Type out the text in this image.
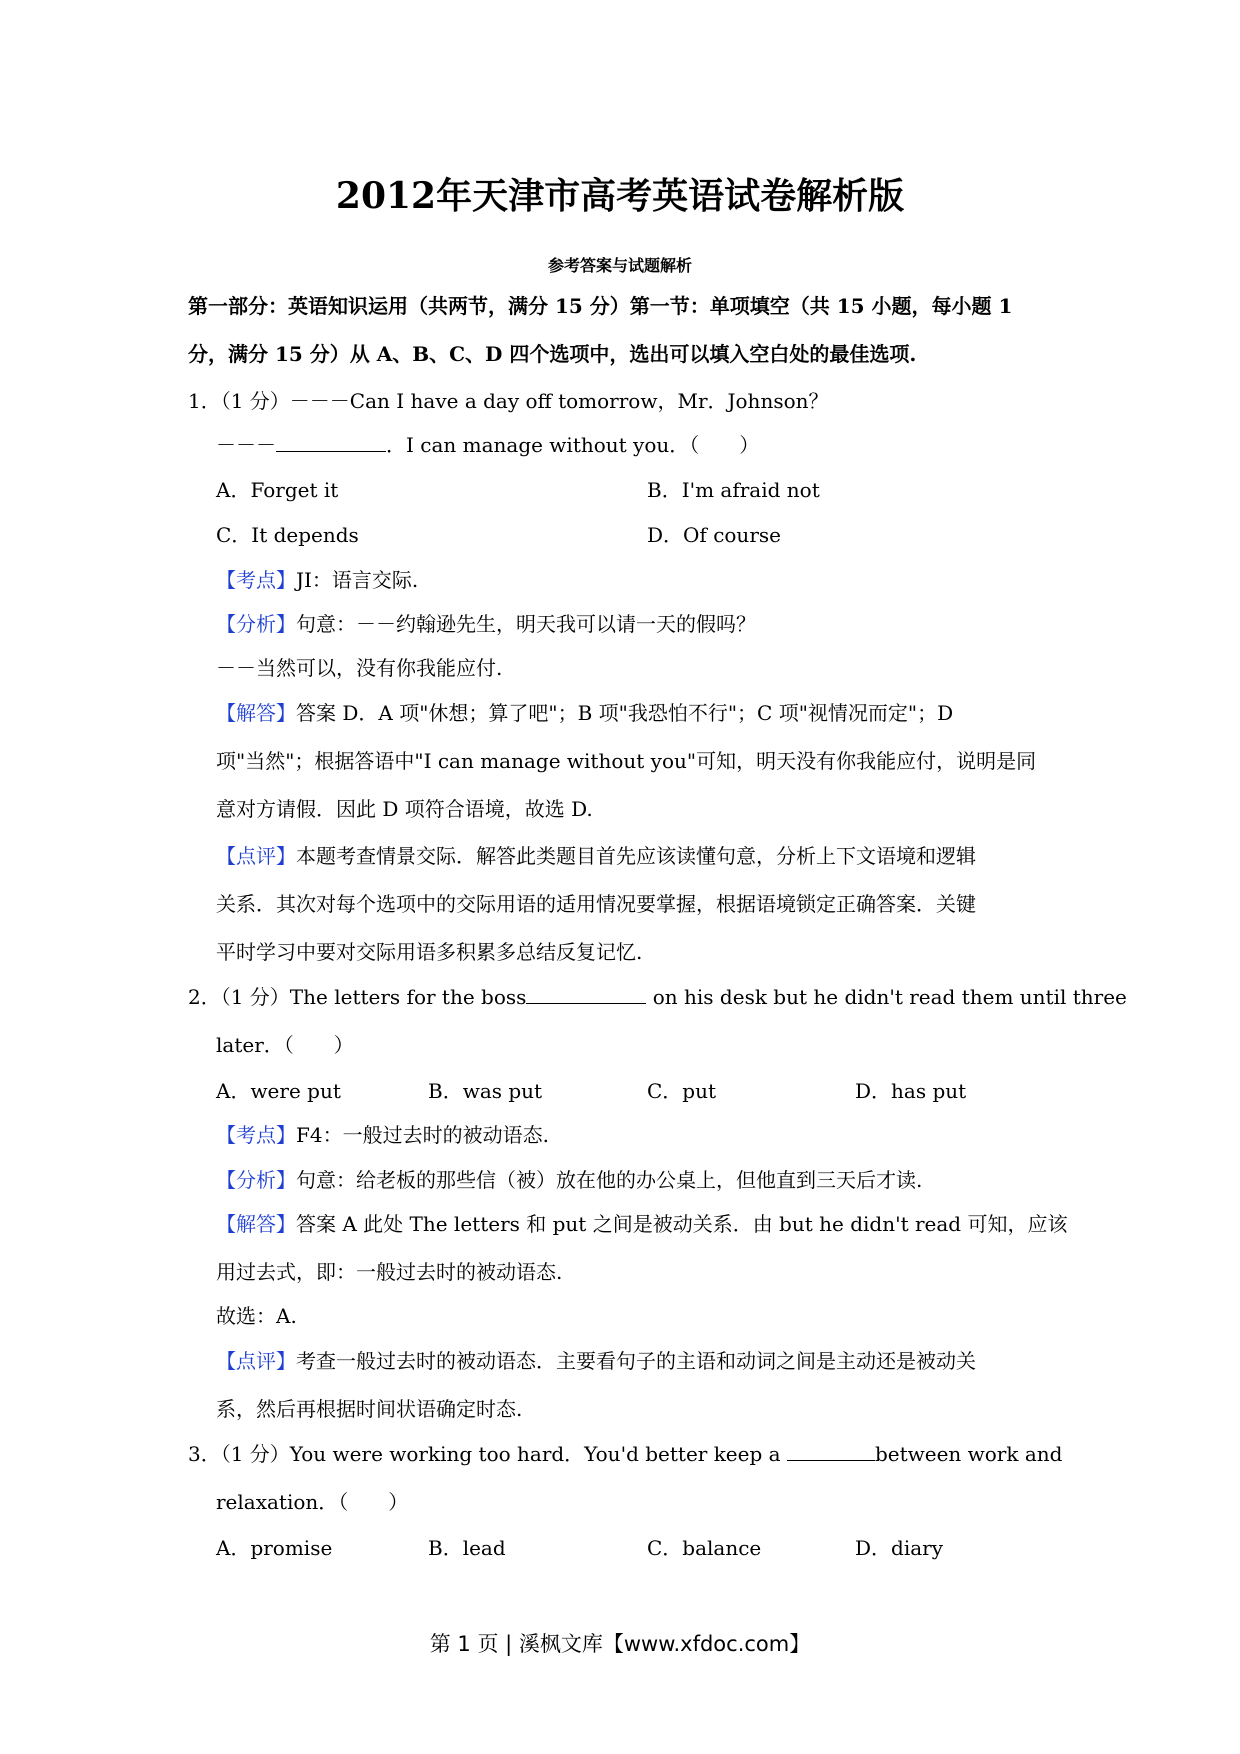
2012年天津市高考英语试卷解析版
参考答案与试题解析
第一部分：英语知识运用（共两节，满分 15 分）第一节：单项填空（共 15 小题，每小题 1
分，满分 15 分）从 A、B、C、D 四个选项中，选出可以填入空白处的最佳选项.
1．（1 分）－－－Can I have a day off tomorrow，Mr．Johnson？
－－－	．I can manage without you．（　　）
A．Forget it	B．I'm afraid not
C．It depends	D．Of course
【考点】JI：语言交际.
【分析】句意：－－约翰逊先生，明天我可以请一天的假吗？
－－当然可以，没有你我能应付.
【解答】答案 D．A 项"休想；算了吧"；B 项"我恐怕不行"；C 项"视情况而定"；D
项"当然"；根据答语中"I can manage without you"可知，明天没有你我能应付，说明是同
意对方请假．因此 D 项符合语境，故选 D.
【点评】本题考查情景交际．解答此类题目首先应该读懂句意，分析上下文语境和逻辑
关系．其次对每个选项中的交际用语的适用情况要掌握，根据语境锁定正确答案．关键
平时学习中要对交际用语多积累多总结反复记忆.
2．（1 分）The letters for the boss	on his desk but he didn't read them until three
later．（　　）
A．were put	B．was put	C．put	D．has put
【考点】F4：一般过去时的被动语态.
【分析】句意：给老板的那些信（被）放在他的办公桌上，但他直到三天后才读.
【解答】答案 A 此处 The letters 和 put 之间是被动关系．由 but he didn't read 可知，应该
用过去式，即：一般过去时的被动语态.
故选：A.
【点评】考查一般过去时的被动语态．主要看句子的主语和动词之间是主动还是被动关
系，然后再根据时间状语确定时态.
3．（1 分）You were working too hard．You'd better keep a	between work and
relaxation．（　　）
A．promise	B．lead	C．balance	D．diary
第 1 页 | 溪枫文库【www.xfdoc.com】
